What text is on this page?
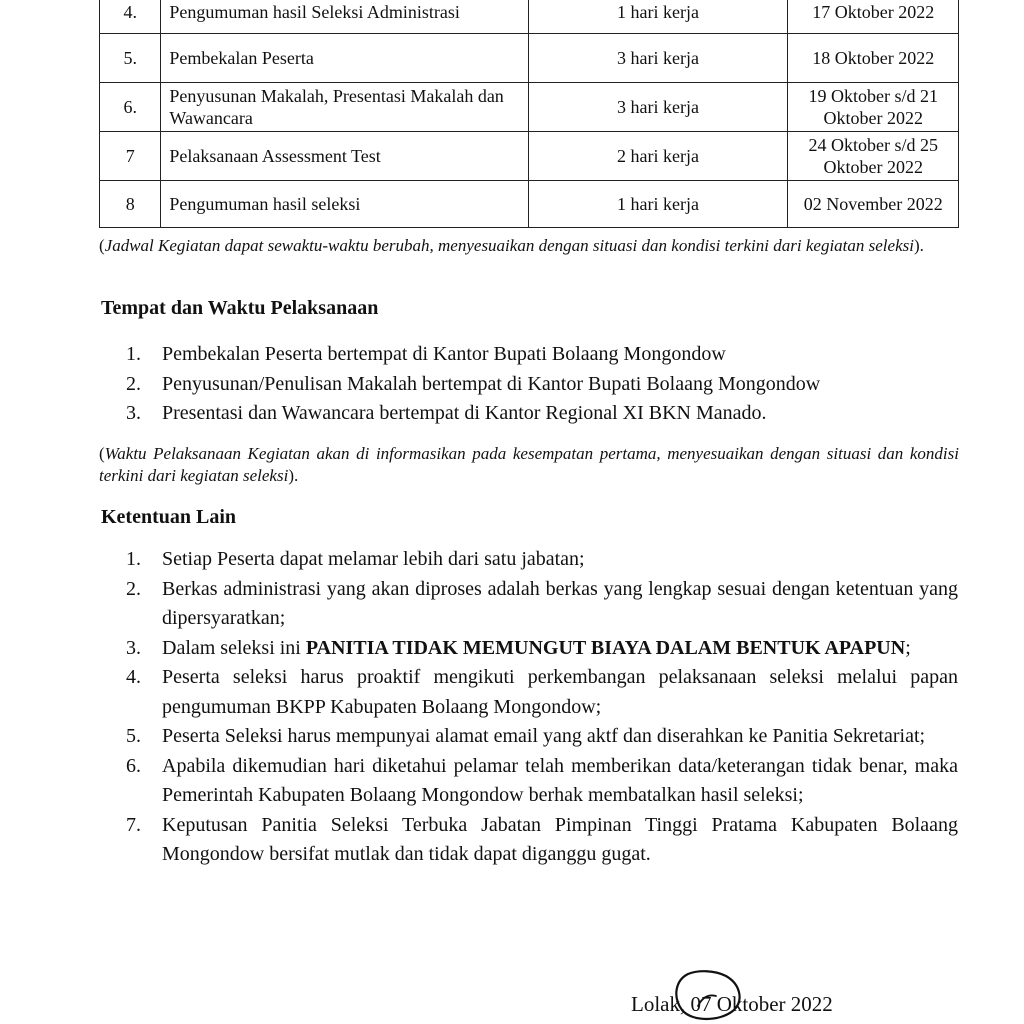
4.	Pengumuman hasil Seleksi Administrasi	1 hari kerja	17 Oktober 2022
5.	Pembekalan Peserta	3 hari kerja	18 Oktober 2022
6.	Penyusunan Makalah, Presentasi Makalah dan Wawancara	3 hari kerja	19 Oktober s/d 21 Oktober 2022
7	Pelaksanaan Assessment Test	2 hari kerja	24 Oktober s/d 25 Oktober 2022
8	Pengumuman hasil seleksi	1 hari kerja	02 November 2022
(Jadwal Kegiatan dapat sewaktu-waktu berubah, menyesuaikan dengan situasi dan kondisi terkini dari kegiatan seleksi).
Tempat dan Waktu Pelaksanaan
1. Pembekalan Peserta bertempat di Kantor Bupati Bolaang Mongondow
2. Penyusunan/Penulisan Makalah bertempat di Kantor Bupati Bolaang Mongondow
3. Presentasi dan Wawancara bertempat di Kantor Regional XI BKN Manado.
(Waktu Pelaksanaan Kegiatan akan di informasikan pada kesempatan pertama, menyesuaikan dengan situasi dan kondisi terkini dari kegiatan seleksi).
Ketentuan Lain
1. Setiap Peserta dapat melamar lebih dari satu jabatan;
2. Berkas administrasi yang akan diproses adalah berkas yang lengkap sesuai dengan ketentuan yang dipersyaratkan;
3. Dalam seleksi ini PANITIA TIDAK MEMUNGUT BIAYA DALAM BENTUK APAPUN;
4. Peserta seleksi harus proaktif mengikuti perkembangan pelaksanaan seleksi melalui papan pengumuman BKPP Kabupaten Bolaang Mongondow;
5. Peserta Seleksi harus mempunyai alamat email yang aktf dan diserahkan ke Panitia Sekretariat;
6. Apabila dikemudian hari diketahui pelamar telah memberikan data/keterangan tidak benar, maka Pemerintah Kabupaten Bolaang Mongondow berhak membatalkan hasil seleksi;
7. Keputusan Panitia Seleksi Terbuka Jabatan Pimpinan Tinggi Pratama Kabupaten Bolaang Mongondow bersifat mutlak dan tidak dapat diganggu gugat.
Lolak, 07 Oktober 2022
